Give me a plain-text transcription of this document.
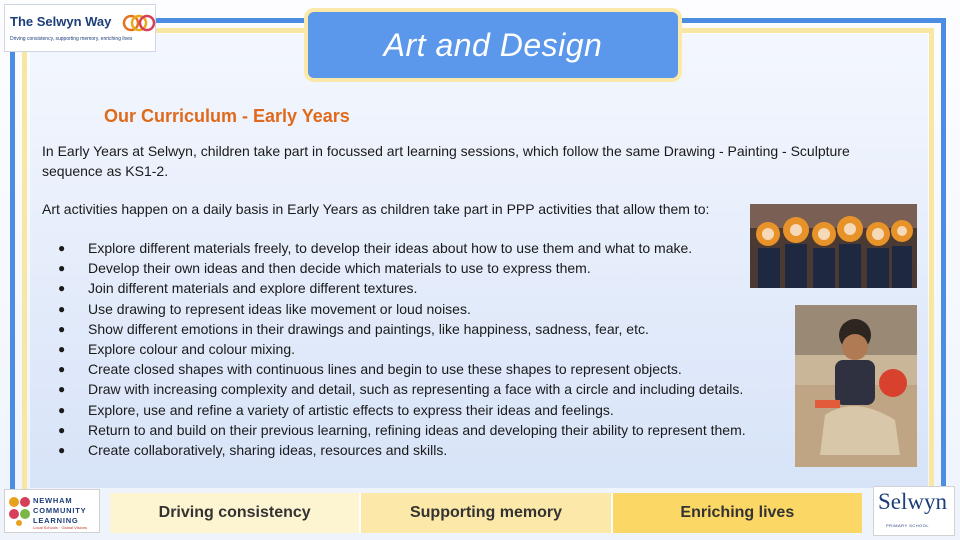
The Selwyn Way
Driving consistency, supporting memory, enriching lives	Art and Design
Our Curriculum - Early Years
In Early Years at Selwyn, children take part in focussed art learning sessions, which follow the same Drawing - Painting - Sculpture sequence as KS1-2.
Art activities happen on a daily basis in Early Years as children take part in PPP activities that allow them to:
● Explore different materials freely, to develop their ideas about how to use them and what to make.
● Develop their own ideas and then decide which materials to use to express them.
● Join different materials and explore different textures.
● Use drawing to represent ideas like movement or loud noises.
● Show different emotions in their drawings and paintings, like happiness, sadness, fear, etc.
● Explore colour and colour mixing.
● Create closed shapes with continuous lines and begin to use these shapes to represent objects.
● Draw with increasing complexity and detail, such as representing a face with a circle and including details.
● Explore, use and refine a variety of artistic effects to express their ideas and feelings.
● Return to and build on their previous learning, refining ideas and developing their ability to represent them.
● Create collaboratively, sharing ideas, resources and skills.
NEWHAM
COMMUNITY
LEARNING
Local Schools · Global Visions
Driving consistency	Supporting memory	Enriching lives	Selwyn
PRIMARY SCHOOL
